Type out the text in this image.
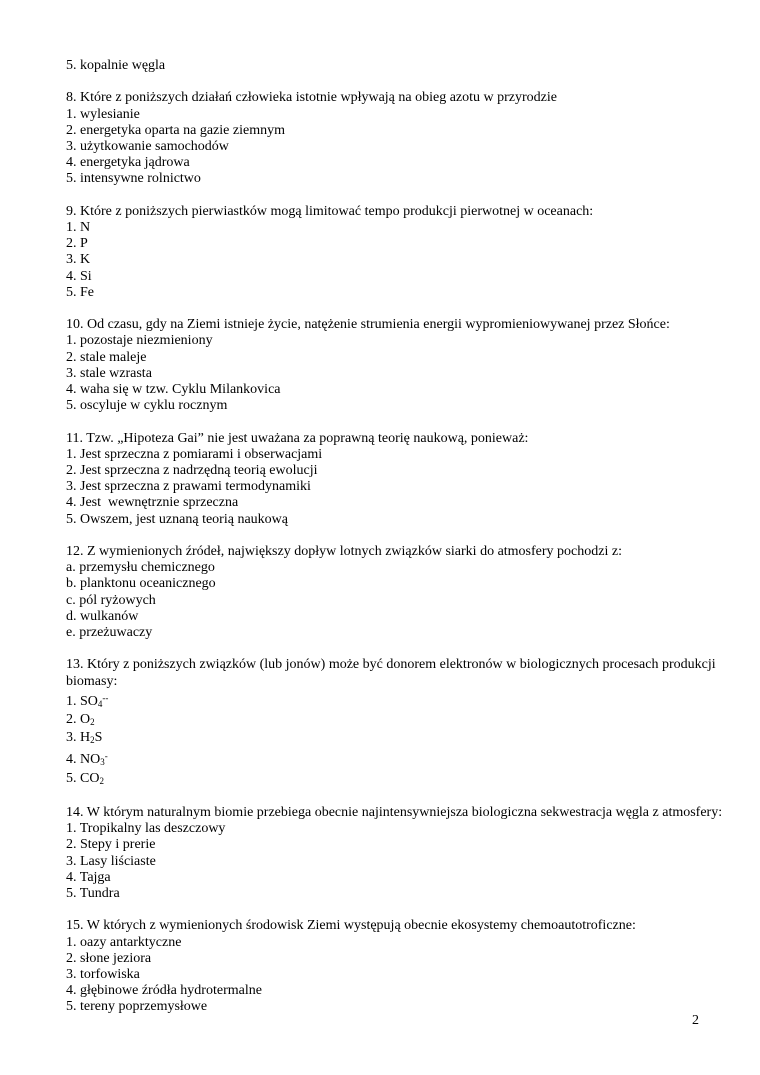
5. kopalnie węgla
8. Które z poniższych działań człowieka istotnie wpływają na obieg azotu w przyrodzie
1. wylesianie
2. energetyka oparta na gazie ziemnym
3. użytkowanie samochodów
4. energetyka jądrowa
5. intensywne rolnictwo
9. Które z poniższych pierwiastków mogą limitować tempo produkcji pierwotnej w oceanach:
1. N
2. P
3. K
4. Si
5. Fe
10. Od czasu, gdy na Ziemi istnieje życie, natężenie strumienia energii wypromieniowywanej przez Słońce:
1. pozostaje niezmieniony
2. stale maleje
3. stale wzrasta
4. waha się w tzw. Cyklu Milankovica
5. oscyluje w cyklu rocznym
11. Tzw. „Hipoteza Gai” nie jest uważana za poprawną teorię naukową, ponieważ:
1. Jest sprzeczna z pomiarami i obserwacjami
2. Jest sprzeczna z nadrzędną teorią ewolucji
3. Jest sprzeczna z prawami termodynamiki
4. Jest  wewnętrznie sprzeczna
5. Owszem, jest uznaną teorią naukową
12. Z wymienionych źródeł, największy dopływ lotnych związków siarki do atmosfery pochodzi z:
a. przemysłu chemicznego
b. planktonu oceanicznego
c. pól ryżowych
d. wulkanów
e. przeżuwaczy
13. Który z poniższych związków (lub jonów) może być donorem elektronów w biologicznych procesach produkcji biomasy:
1. $SO_4^{--}$
2. $O_2$
3. $H_2S$
4. $NO_3^-$
5. $CO_2$
14. W którym naturalnym biomie przebiega obecnie najintensywniejsza biologiczna sekwestracja węgla z atmosfery:
1. Tropikalny las deszczowy
2. Stepy i prerie
3. Lasy liściaste
4. Tajga
5. Tundra
15. W których z wymienionych środowisk Ziemi występują obecnie ekosystemy chemoautotroficzne:
1. oazy antarktyczne
2. słone jeziora
3. torfowiska
4. głębinowe źródła hydrotermalne
5. tereny poprzemysłowe
2
